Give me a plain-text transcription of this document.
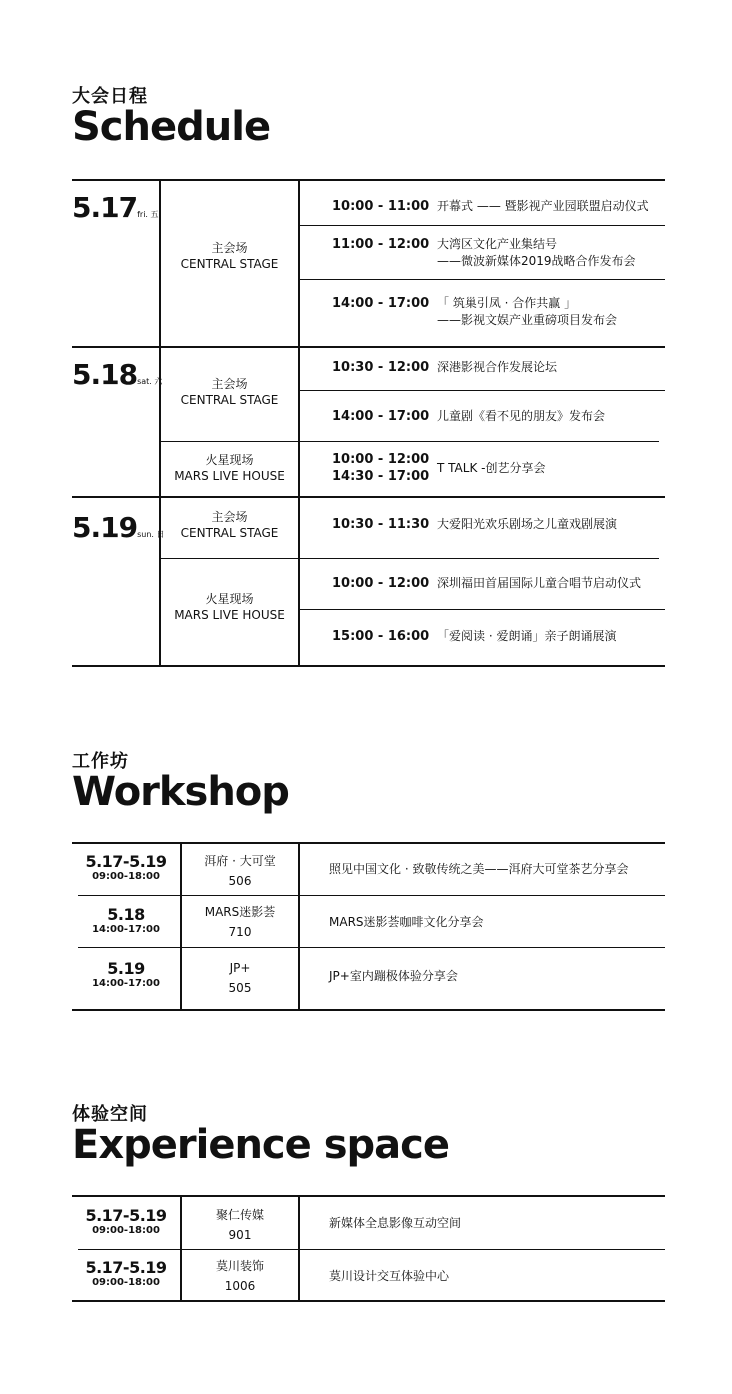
大会日程
Schedule
5.17fri. 五
主会场
CENTRAL STAGE
10:00 - 11:00 开幕式 —— 暨影视产业园联盟启动仪式
11:00 - 12:00 大湾区文化产业集结号
——微波新媒体2019战略合作发布会
14:00 - 17:00 「 筑巢引凤 · 合作共赢 」
——影视文娱产业重磅项目发布会
5.18sat. 六	主会场
CENTRAL STAGE
10:30 - 12:00 深港影视合作发展论坛
14:00 - 17:00 儿童剧《看不见的朋友》发布会
火星现场
MARS LIVE HOUSE
10:00 - 12:00
14:30 - 17:00
T TALK -创艺分享会
5.19sun. 日
主会场
CENTRAL STAGE
10:30 - 11:30 大爱阳光欢乐剧场之儿童戏剧展演
火星现场
MARS LIVE HOUSE
10:00 - 12:00 深圳福田首届国际儿童合唱节启动仪式
15:00 - 16:00 「爱阅读 · 爱朗诵」亲子朗诵展演
工作坊
Workshop
5.17-5.19
09:00-18:00
洱府 · 大可堂
506
照见中国文化 · 致敬传统之美——洱府大可堂茶艺分享会
5.18
14:00-17:00
MARS迷影荟
710
MARS迷影荟咖啡文化分享会
5.19
14:00-17:00
JP+
505
JP+室内蹦极体验分享会
体验空间
Experience space
5.17-5.19
09:00-18:00
聚仁传媒
901
新媒体全息影像互动空间
5.17-5.19
09:00-18:00
莫川装饰
1006
莫川设计交互体验中心
